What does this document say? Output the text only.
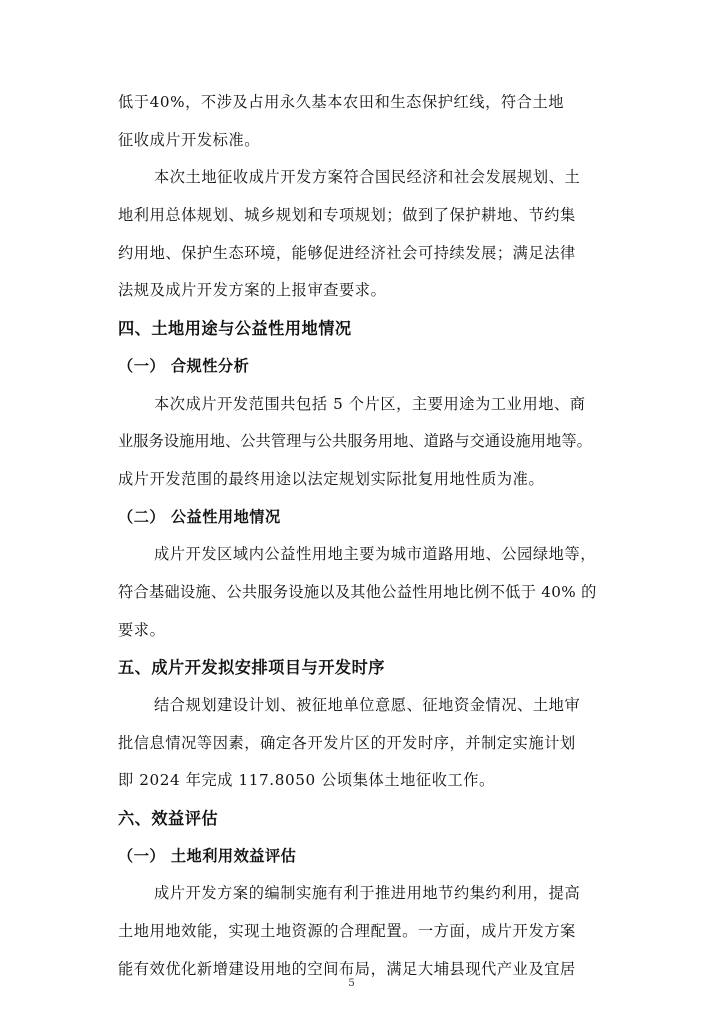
低于40%，不涉及占用永久基本农田和生态保护红线，符合土地

征收成片开发标准。

本次土地征收成片开发方案符合国民经济和社会发展规划、土

地利用总体规划、城乡规划和专项规划；做到了保护耕地、节约集

约用地、保护生态环境，能够促进经济社会可持续发展；满足法律

法规及成片开发方案的上报审查要求。

四、土地用途与公益性用地情况
（一） 合规性分析

本次成片开发范围共包括 5 个片区，主要用途为工业用地、商

业服务设施用地、公共管理与公共服务用地、道路与交通设施用地等。

成片开发范围的最终用途以法定规划实际批复用地性质为准。

（二） 公益性用地情况

成片开发区域内公益性用地主要为城市道路用地、公园绿地等，

符合基础设施、公共服务设施以及其他公益性用地比例不低于 40% 的

要求。

五、成片开发拟安排项目与开发时序

结合规划建设计划、被征地单位意愿、征地资金情况、土地审

批信息情况等因素，确定各开发片区的开发时序，并制定实施计划

即 2024 年完成 117.8050 公顷集体土地征收工作。

六、效益评估
（一） 土地利用效益评估

成片开发方案的编制实施有利于推进用地节约集约利用，提高

土地用地效能，实现土地资源的合理配置。一方面，成片开发方案

能有效优化新增建设用地的空间布局，满足大埔县现代产业及宜居

5
